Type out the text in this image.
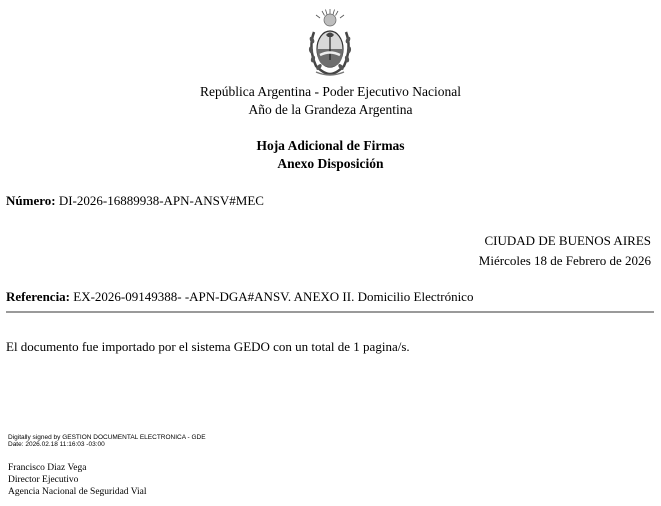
República Argentina - Poder Ejecutivo Nacional
Año de la Grandeza Argentina
Hoja Adicional de Firmas
Anexo Disposición
Número: DI-2026-16889938-APN-ANSV#MEC
CIUDAD DE BUENOS AIRES
Miércoles 18 de Febrero de 2026
Referencia: EX-2026-09149388- -APN-DGA#ANSV. ANEXO II. Domicilio Electrónico
El documento fue importado por el sistema GEDO con un total de 1 pagina/s.
Digitally signed by GESTION DOCUMENTAL ELECTRONICA - GDE
Date: 2026.02.18 11:16:03 -03:00
Francisco Diaz Vega
Director Ejecutivo
Agencia Nacional de Seguridad Vial
